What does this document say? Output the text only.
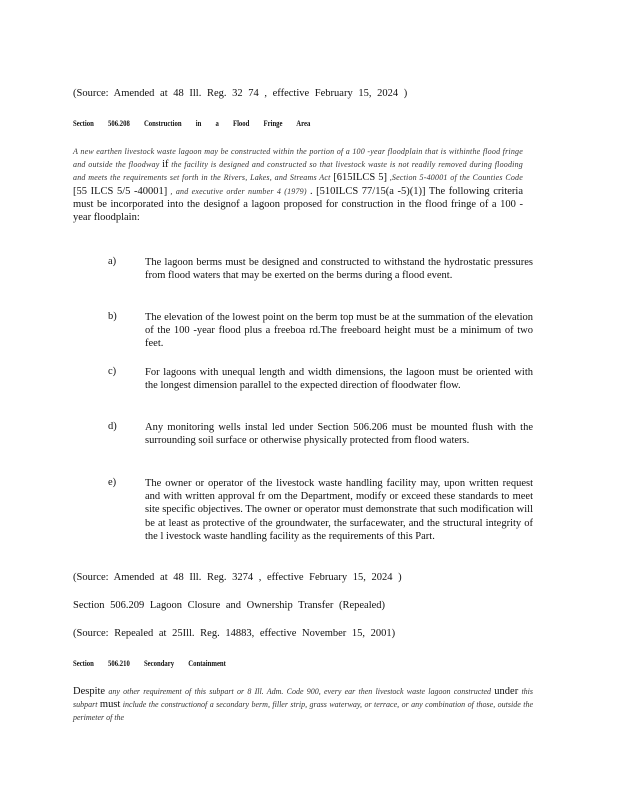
(Source: Amended at 48 Ill. Reg. 32 74 , effective February 15, 2024 )
Section 506.208 Construction in a Flood Fringe Area
A new earthen livestock waste lagoon may be constructed within the portion of a 100 -year floodplain that is withinthe flood fringe and outside the floodway if the facility is designed and constructed so that livestock waste is not readily removed during flooding and meets the requirements set forth in the Rivers, Lakes, and Streams Act [615ILCS 5] ,Section 5-40001 of the Counties Code [55 ILCS 5/5 -40001] , and executive order number 4 (1979) . [510ILCS 77/15(a -5)(1)] The following criteria must be incorporated into the designof a lagoon proposed for construction in the flood fringe of a 100 -year floodplain:
a)	The lagoon berms must be designed and constructed to withstand the hydrostatic pressures from flood waters that may be exerted on the berms during a flood event.
b)	The elevation of the lowest point on the berm top must be at the summation of the elevation of the 100 -year flood plus a freeboa rd.The freeboard height must be a minimum of two feet.
c)	For lagoons with unequal length and width dimensions, the lagoon must be oriented with the longest dimension parallel to the expected direction of floodwater flow.
d)	Any monitoring wells instal led under Section 506.206 must be mounted flush with the surrounding soil surface or otherwise physically protected from flood waters.
e)	The owner or operator of the livestock waste handling facility may, upon written request and with written approval fr om the Department, modify or exceed these standards to meet site specific objectives. The owner or operator must demonstrate that such modification will be at least as protective of the groundwater, the surfacewater, and the structural integrity of the l ivestock waste handling facility as the requirements of this Part.
(Source: Amended at 48 Ill. Reg. 3274 , effective February 15, 2024 )
Section 506.209 Lagoon Closure and Ownership Transfer (Repealed)
(Source: Repealed at 25Ill. Reg. 14883, effective November 15, 2001)
Section 506.210 Secondary Containment
Despite any other requirement of this subpart or 8 Ill. Adm. Code 900, every ear then livestock waste lagoon constructed under this subpart must include the constructionof a secondary berm, filler strip, grass waterway, or terrace, or any combination of those, outside the perimeter of the
